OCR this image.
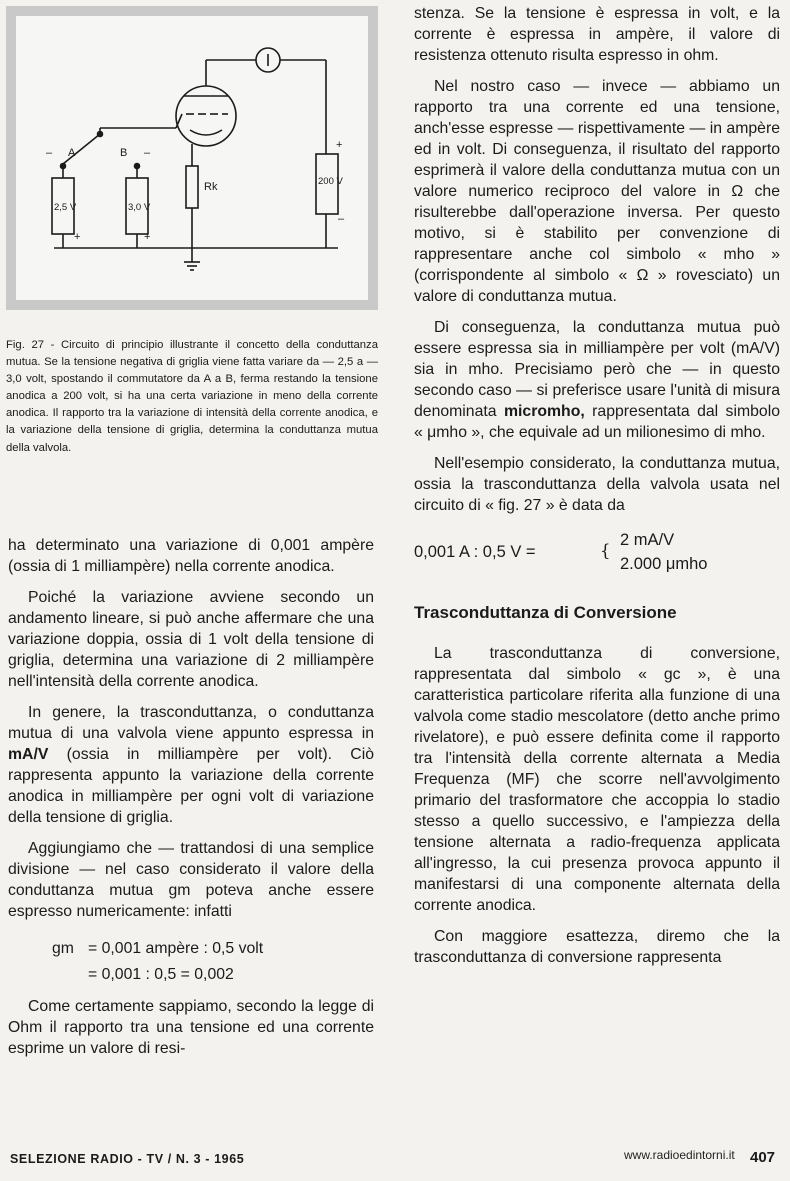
– A	B –
2,5 V	3,0 V
Rk	200 V
+	+
+
–

Fig. 27 - Circuito di principio illustrante il concetto della conduttanza mutua. Se la tensione negativa di griglia viene fatta variare da — 2,5 a — 3,0 volt, spostando il commutatore da A a B, ferma restando la tensione anodica a 200 volt, si ha una certa variazione in meno della corrente anodica. Il rapporto tra la variazione di intensità della corrente anodica, e la variazione della tensione di griglia, determina la conduttanza mutua della valvola.

ha determinato una variazione di 0,001 ampère (ossia di 1 milliampère) nella corrente anodica.

Poiché la variazione avviene secondo un andamento lineare, si può anche affermare che una variazione doppia, ossia di 1 volt della tensione di griglia, determina una variazione di 2 milliampère nell'intensità della corrente anodica.

In genere, la trasconduttanza, o conduttanza mutua di una valvola viene appunto espressa in mA/V (ossia in milliampère per volt). Ciò rappresenta appunto la variazione della corrente anodica in milliampère per ogni volt di variazione della tensione di griglia.

Aggiungiamo che — trattandosi di una semplice divisione — nel caso considerato il valore della conduttanza mutua gm poteva anche essere espresso numericamente: infatti

gm = 0,001 ampère : 0,5 volt
= 0,001 : 0,5 = 0,002

Come certamente sappiamo, secondo la legge di Ohm il rapporto tra una tensione ed una corrente esprime un valore di resi-

stenza. Se la tensione è espressa in volt, e la corrente è espressa in ampère, il valore di resistenza ottenuto risulta espresso in ohm.

Nel nostro caso — invece — abbiamo un rapporto tra una corrente ed una tensione, anch'esse espresse — rispettivamente — in ampère ed in volt. Di conseguenza, il risultato del rapporto esprimerà il valore della conduttanza mutua con un valore numerico reciproco del valore in Ω che risulterebbe dall'operazione inversa. Per questo motivo, si è stabilito per convenzione di rappresentare anche col simbolo « mho » (corrispondente al simbolo « Ω » rovesciato) un valore di conduttanza mutua.

Di conseguenza, la conduttanza mutua può essere espressa sia in milliampère per volt (mA/V) sia in mho. Precisiamo però che — in questo secondo caso — si preferisce usare l'unità di misura denominata micromho, rappresentata dal simbolo « μmho », che equivale ad un milionesimo di mho.

Nell'esempio considerato, la conduttanza mutua, ossia la trasconduttanza della valvola usata nel circuito di « fig. 27 » è data da

0,001 A : 0,5 V =	{
2 mA/V
2.000 μmho
Trasconduttanza di Conversione

La trasconduttanza di conversione, rappresentata dal simbolo « gc », è una caratteristica particolare riferita alla funzione di una valvola come stadio mescolatore (detto anche primo rivelatore), e può essere definita come il rapporto tra l'intensità della corrente alternata a Media Frequenza (MF) che scorre nell'avvolgimento primario del trasformatore che accoppia lo stadio stesso a quello successivo, e l'ampiezza della tensione alternata a radio-frequenza applicata all'ingresso, la cui presenza provoca appunto il manifestarsi di una componente alternata della corrente anodica.

Con maggiore esattezza, diremo che la trasconduttanza di conversione rappresenta

SELEZIONE RADIO - TV / N. 3 - 1965	www.radioedintorni.it 407
